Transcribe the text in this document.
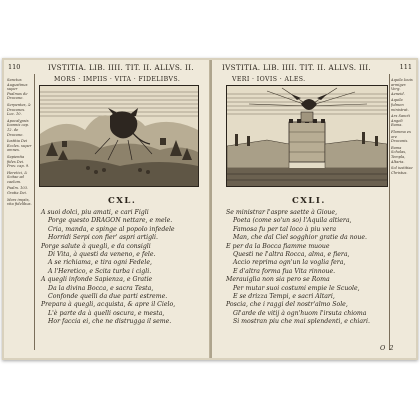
110	IVSTITIA. LIB. IIII. TIT. II. ALLVS. II.

Sanctus Augustinus super Psalmos de Dracone.

Serpentes, & Dracones. Luc. 10.

Apocalypsis Ioannis cap. 12. de Dracone.

Iustitia Dei Eccles. super omnes.

Sapientia fides Dei. Prov. cap. 9.

Heretici, & Scitae ad caelum.

Psalm. 103. Gratia Dei.

Mors impiis, vita fidelibus.

MORS · IMPIIS · VITA · FIDELIBVS.
CXL.
A suoi dolci, piu amati, e cari Figli
Porge questo DRAGON nettare, e mele.
Cria, manda, e spinge al popolo infedele
Horridi Serpi con fier' aspri artigli.
Porge salute à quegli, e da consigli
Di Vita, à questi da veneno, e fele.
A se richiama, e tira ogni Fedele,
A l'Heretico, e Scita turba i cigli.
A quegli infonde Sapienza, e Gratie
Da la divina Bocca, e sacra Testa,
Confonde quelli da due parti estreme.
Prepara à quegli, acquista, & apre il Cielo,
L'è parte da à quelli oscura, e mesta,
Hor faccia ei, che ne distrugga il seme.
IVSTITIA. LIB. IIII. TIT. II. ALLVS. III.	111
VERI · IOVIS · ALES.
CXLI.
Se ministrar l'aspre saette à Gioue,
Poeta (come so'un so) l'Aquila altiera,
Famosa fu per tal loco à piu vera
Man, che dal Ciel sogghior gratie da noue.
E per da la Bocca fiamme muoue
Questi ne l'altra Rocca, alma, e fiera,
Accio reprima ogn'un la voglia fera,
E d'altra forma fua Vita rinnoue.
Merauiglia non sia pero se Roma
Per mutar suoi costumi empie le Scuole,
E se drizza Tempi, e sacri Altari,
Poscia, che i raggi del nostr'almo Sole,
Gl'arde de vitij à ogn'huom l'irsuta chioma
Si mostran piu che mai splendenti, e chiari.

Aquila Iouis armiger. Verg. Aeneid.

Aquila fulmen ministrat.

Arx Sancti Angeli Roma.

Flamma ex ore Draconis.

Roma Scholas, Templa, Altaria.

Sol iustitiae Christus.

O 2
